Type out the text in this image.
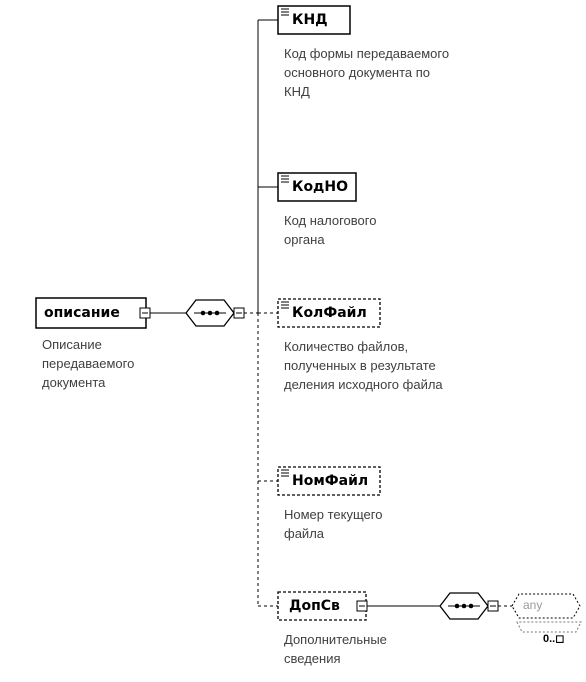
описание
Описание передаваемого документа
КНД
Код формы передаваемого основного документа по КНД
КодНО
Код налогового органа
КолФайл
Количество файлов, полученных в результате деления исходного файла
НомФайл
Номер текущего файла
ДопСв
Дополнительные сведения
any
0..◻
